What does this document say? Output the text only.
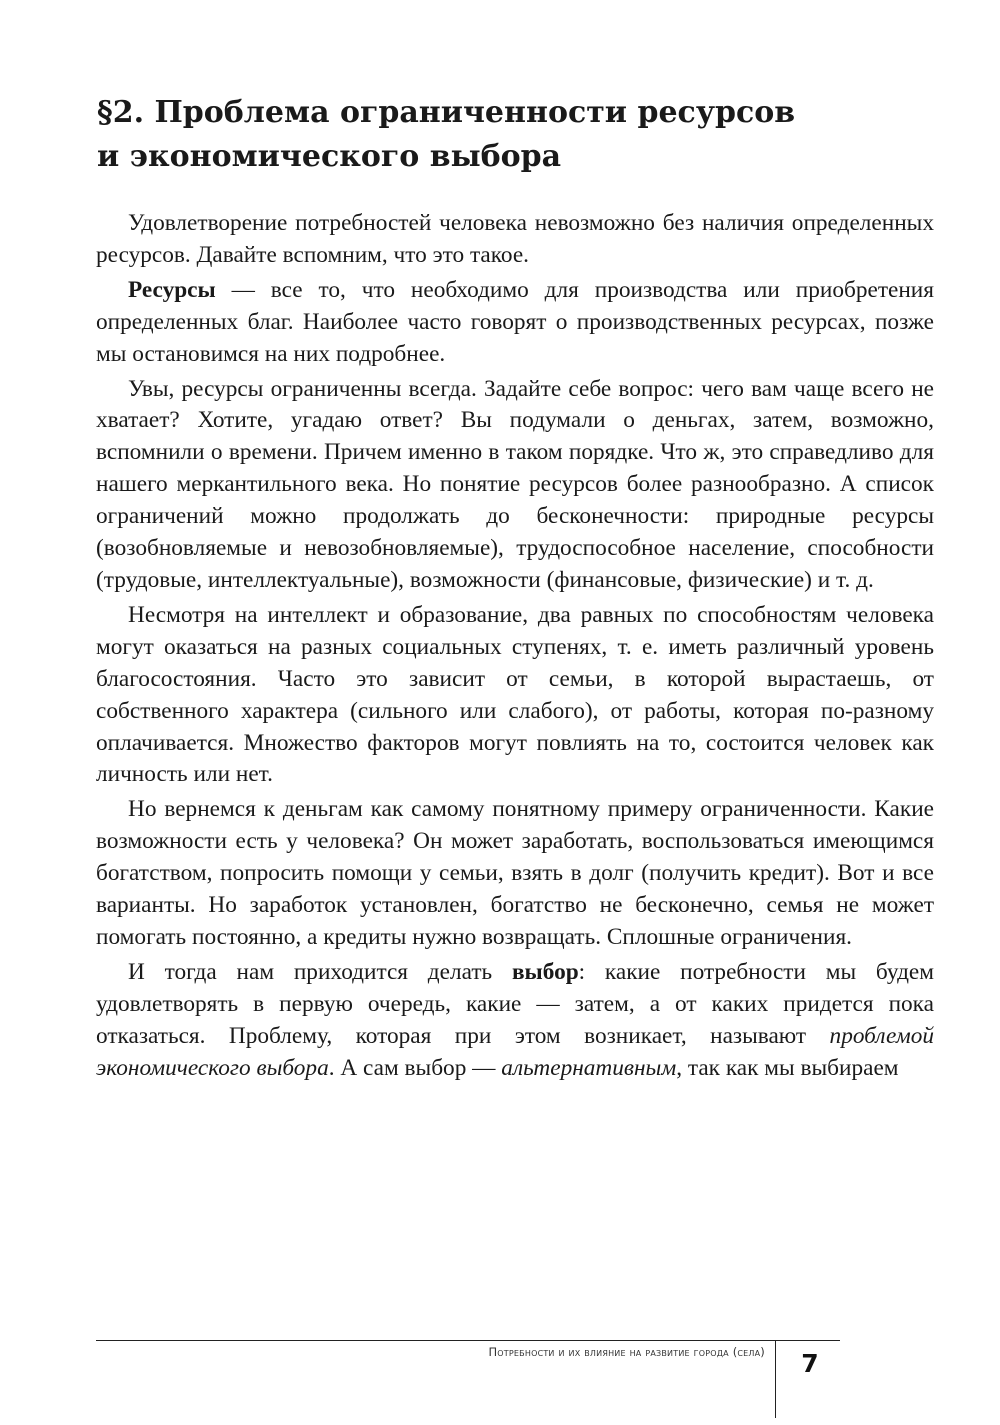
§2. Проблема ограниченности ресурсов
и экономического выбора

Удовлетворение потребностей человека невозможно без наличия определенных ресурсов. Давайте вспомним, что это такое.

Ресурсы — все то, что необходимо для производства или приобретения определенных благ. Наиболее часто говорят о производственных ресурсах, позже мы остановимся на них подробнее.

Увы, ресурсы ограниченны всегда. Задайте себе вопрос: чего вам чаще всего не хватает? Хотите, угадаю ответ? Вы подумали о деньгах, затем, возможно, вспомнили о времени. Причем именно в таком порядке. Что ж, это справедливо для нашего меркантильного века. Но понятие ресурсов более разнообразно. А список ограничений можно продолжать до бесконечности: природные ресурсы (возобновляемые и невозобновляемые), трудоспособное население, способности (трудовые, интеллектуальные), возможности (финансовые, физические) и т. д.

Несмотря на интеллект и образование, два равных по способностям человека могут оказаться на разных социальных ступенях, т. е. иметь различный уровень благосостояния. Часто это зависит от семьи, в которой вырастаешь, от собственного характера (сильного или слабого), от работы, которая по-разному оплачивается. Множество факторов могут повлиять на то, состоится человек как личность или нет.

Но вернемся к деньгам как самому понятному примеру ограниченности. Какие возможности есть у человека? Он может заработать, воспользоваться имеющимся богатством, попросить помощи у семьи, взять в долг (получить кредит). Вот и все варианты. Но заработок установлен, богатство не бесконечно, семья не может помогать постоянно, а кредиты нужно возвращать. Сплошные ограничения.

И тогда нам приходится делать выбор: какие потребности мы будем удовлетворять в первую очередь, какие — затем, а от каких придется пока отказаться. Проблему, которая при этом возникает, называют проблемой экономического выбора. А сам выбор — альтернативным, так как мы выбираем

Потребности и их влияние на развитие города (села)	7
